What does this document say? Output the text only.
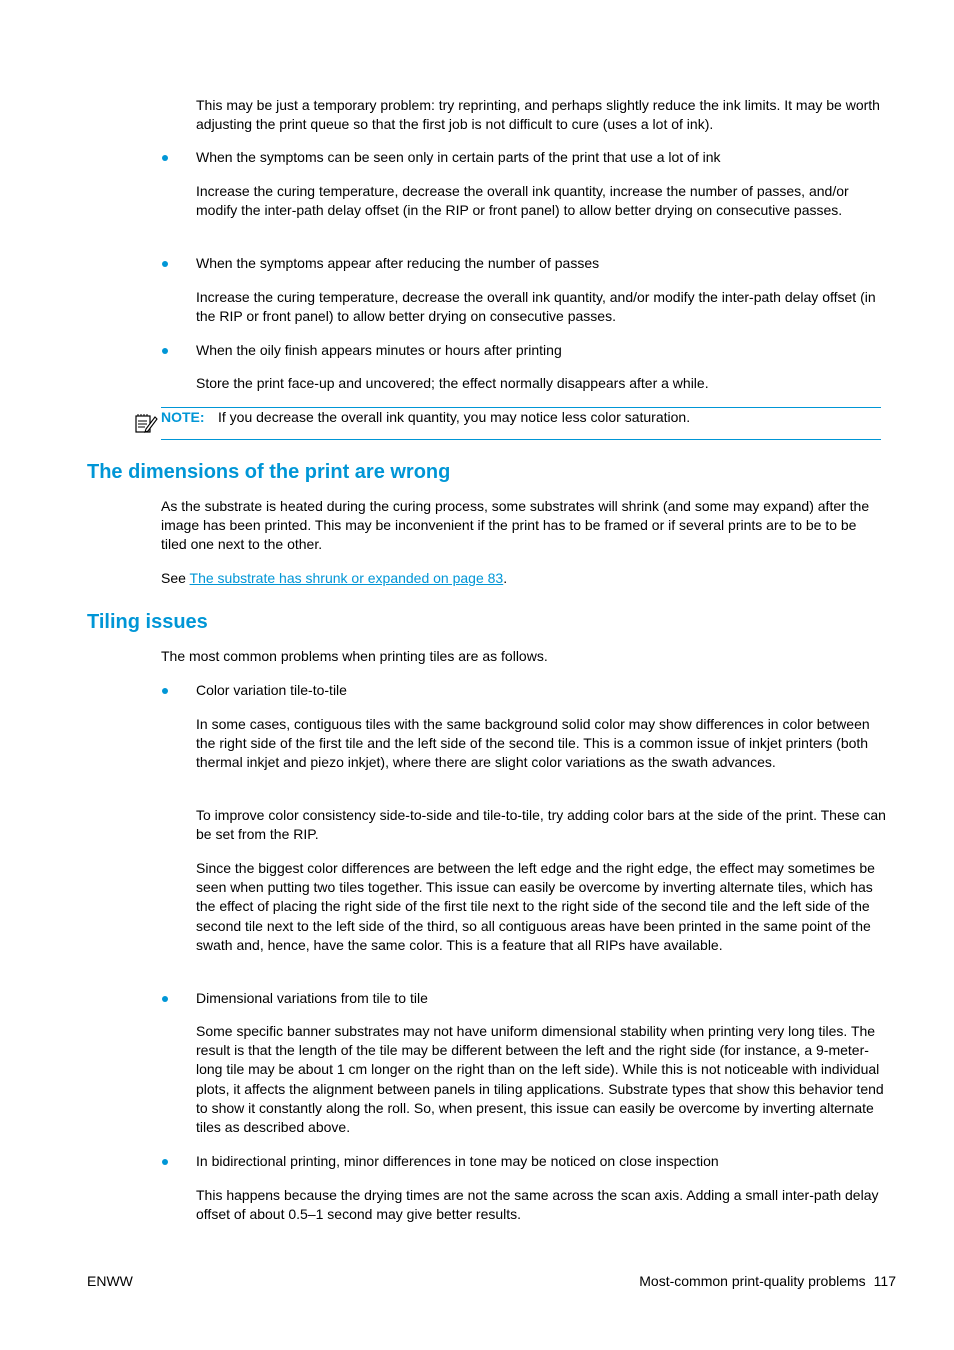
This may be just a temporary problem: try reprinting, and perhaps slightly reduce the ink limits. It may be worth adjusting the print queue so that the first job is not difficult to cure (uses a lot of ink).

When the symptoms can be seen only in certain parts of the print that use a lot of ink

Increase the curing temperature, decrease the overall ink quantity, increase the number of passes, and/or modify the inter-path delay offset (in the RIP or front panel) to allow better drying on consecutive passes.

When the symptoms appear after reducing the number of passes

Increase the curing temperature, decrease the overall ink quantity, and/or modify the inter-path delay offset (in the RIP or front panel) to allow better drying on consecutive passes.

When the oily finish appears minutes or hours after printing

Store the print face-up and uncovered; the effect normally disappears after a while.

NOTE: If you decrease the overall ink quantity, you may notice less color saturation.
The dimensions of the print are wrong

As the substrate is heated during the curing process, some substrates will shrink (and some may expand) after the image has been printed. This may be inconvenient if the print has to be framed or if several prints are to be to be tiled one next to the other.

See The substrate has shrunk or expanded on page 83.

Tiling issues

The most common problems when printing tiles are as follows.

Color variation tile-to-tile

In some cases, contiguous tiles with the same background solid color may show differences in color between the right side of the first tile and the left side of the second tile. This is a common issue of inkjet printers (both thermal inkjet and piezo inkjet), where there are slight color variations as the swath advances.

To improve color consistency side-to-side and tile-to-tile, try adding color bars at the side of the print. These can be set from the RIP.

Since the biggest color differences are between the left edge and the right edge, the effect may sometimes be seen when putting two tiles together. This issue can easily be overcome by inverting alternate tiles, which has the effect of placing the right side of the first tile next to the right side of the second tile and the left side of the second tile next to the left side of the third, so all contiguous areas have been printed in the same point of the swath and, hence, have the same color. This is a feature that all RIPs have available.

Dimensional variations from tile to tile

Some specific banner substrates may not have uniform dimensional stability when printing very long tiles. The result is that the length of the tile may be different between the left and the right side (for instance, a 9-meter-long tile may be about 1 cm longer on the right than on the left side). While this is not noticeable with individual plots, it affects the alignment between panels in tiling applications. Substrate types that show this behavior tend to show it constantly along the roll. So, when present, this issue can easily be overcome by inverting alternate tiles as described above.

In bidirectional printing, minor differences in tone may be noticed on close inspection

This happens because the drying times are not the same across the scan axis. Adding a small inter-path delay offset of about 0.5–1 second may give better results.

ENWW	Most-common print-quality problems 117
